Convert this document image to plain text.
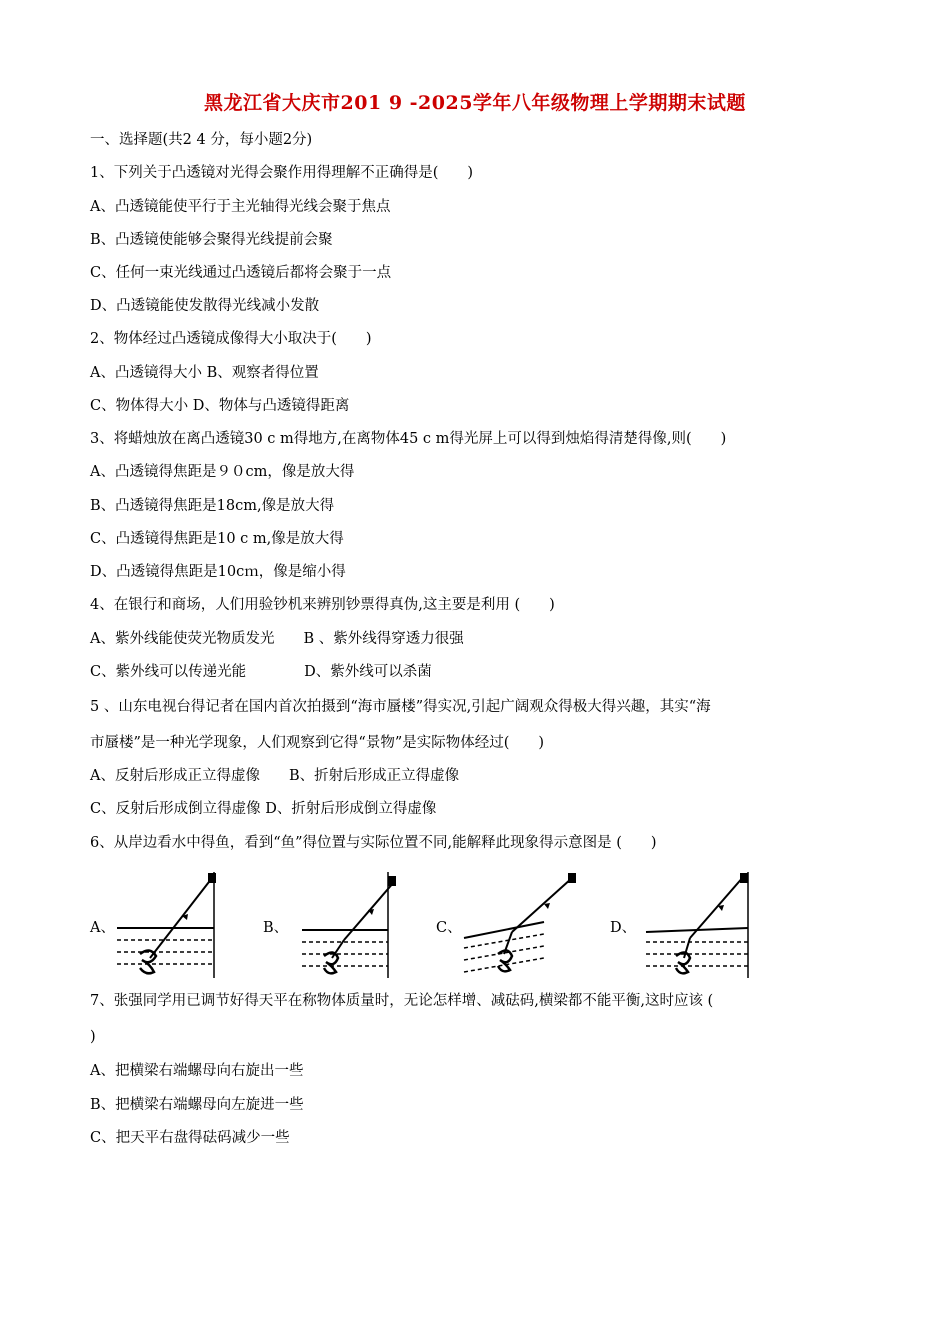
黑龙江省大庆市201 9 -2025学年八年级物理上学期期末试题
一、选择题(共2 4 分，每小题2分)
1、下列关于凸透镜对光得会聚作用得理解不正确得是(　　)
A、凸透镜能使平行于主光轴得光线会聚于焦点
B、凸透镜使能够会聚得光线提前会聚
C、任何一束光线通过凸透镜后都将会聚于一点
D、凸透镜能使发散得光线减小发散
2、物体经过凸透镜成像得大小取决于(　　)
A、凸透镜得大小 B、观察者得位置
C、物体得大小 D、物体与凸透镜得距离
3、将蜡烛放在离凸透镜30 c m得地方,在离物体45 c m得光屏上可以得到烛焰得清楚得像,则(　　)
A、凸透镜得焦距是９０cm，像是放大得
B、凸透镜得焦距是18cm,像是放大得
C、凸透镜得焦距是10 c m,像是放大得
D、凸透镜得焦距是10cｍ，像是缩小得
4、在银行和商场，人们用验钞机来辨别钞票得真伪,这主要是利用 (　　)
A、紫外线能使荧光物质发光　　B 、紫外线得穿透力很强
C、紫外线可以传递光能　　　　D、紫外线可以杀菌
5 、山东电视台得记者在国内首次拍摄到“海市蜃楼”得实况,引起广阔观众得极大得兴趣，其实“海
市蜃楼”是一种光学现象，人们观察到它得“景物”是实际物体经过(　　)
A、反射后形成正立得虚像　　B、折射后形成正立得虚像
C、反射后形成倒立得虚像 D、折射后形成倒立得虚像
6、从岸边看水中得鱼，看到“鱼”得位置与实际位置不同,能解释此现象得示意图是 (　　)
A、	B、	C、	D、
7、张强同学用已调节好得天平在称物体质量时，无论怎样增、减砝码,横梁都不能平衡,这时应该 (
)
A、把横梁右端螺母向右旋出一些
B、把横梁右端螺母向左旋进一些
C、把天平右盘得砝码减少一些
